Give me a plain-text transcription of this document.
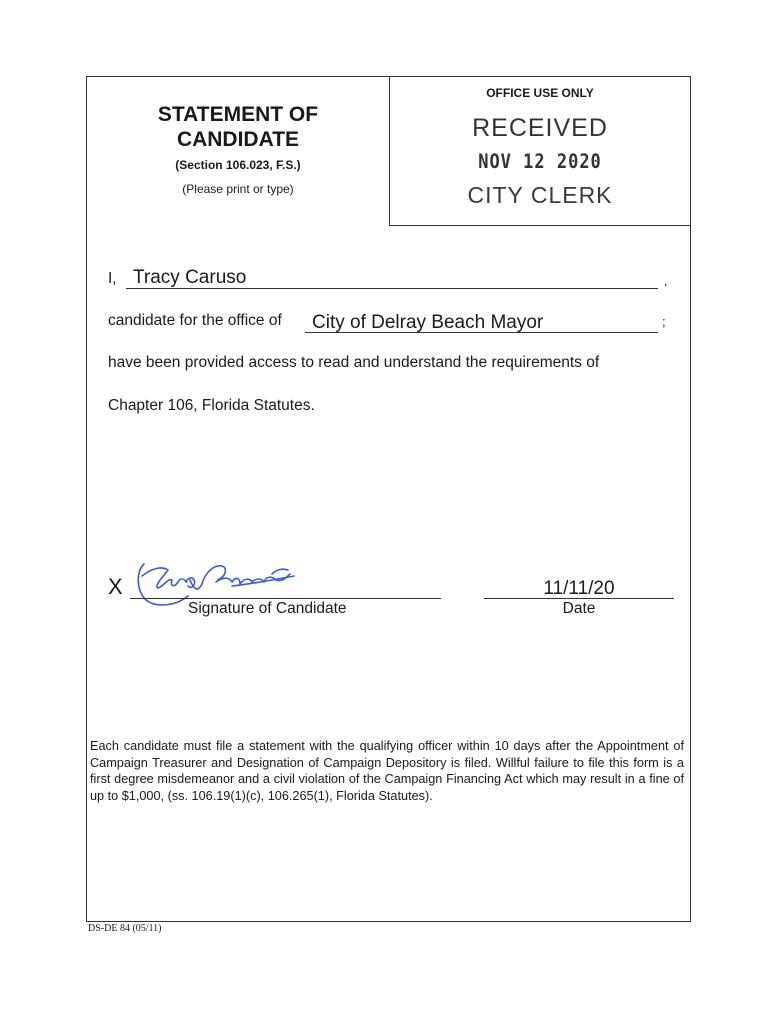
OFFICE USE ONLY
RECEIVED
NOV 12 2020
CITY CLERK
STATEMENT OF
CANDIDATE
(Section 106.023, F.S.)
(Please print or type)
I, Tracy Caruso	,
candidate for the office of City of Delray Beach Mayor	;
have been provided access to read and understand the requirements of
Chapter 106, Florida Statutes.
X
Signature of Candidate
11/11/20
Date
Each candidate must file a statement with the qualifying officer within 10 days after the Appointment of Campaign Treasurer and Designation of Campaign Depository is filed. Willful failure to file this form is a first degree misdemeanor and a civil violation of the Campaign Financing Act which may result in a fine of up to $1,000, (ss. 106.19(1)(c), 106.265(1), Florida Statutes).
DS-DE 84 (05/11)
